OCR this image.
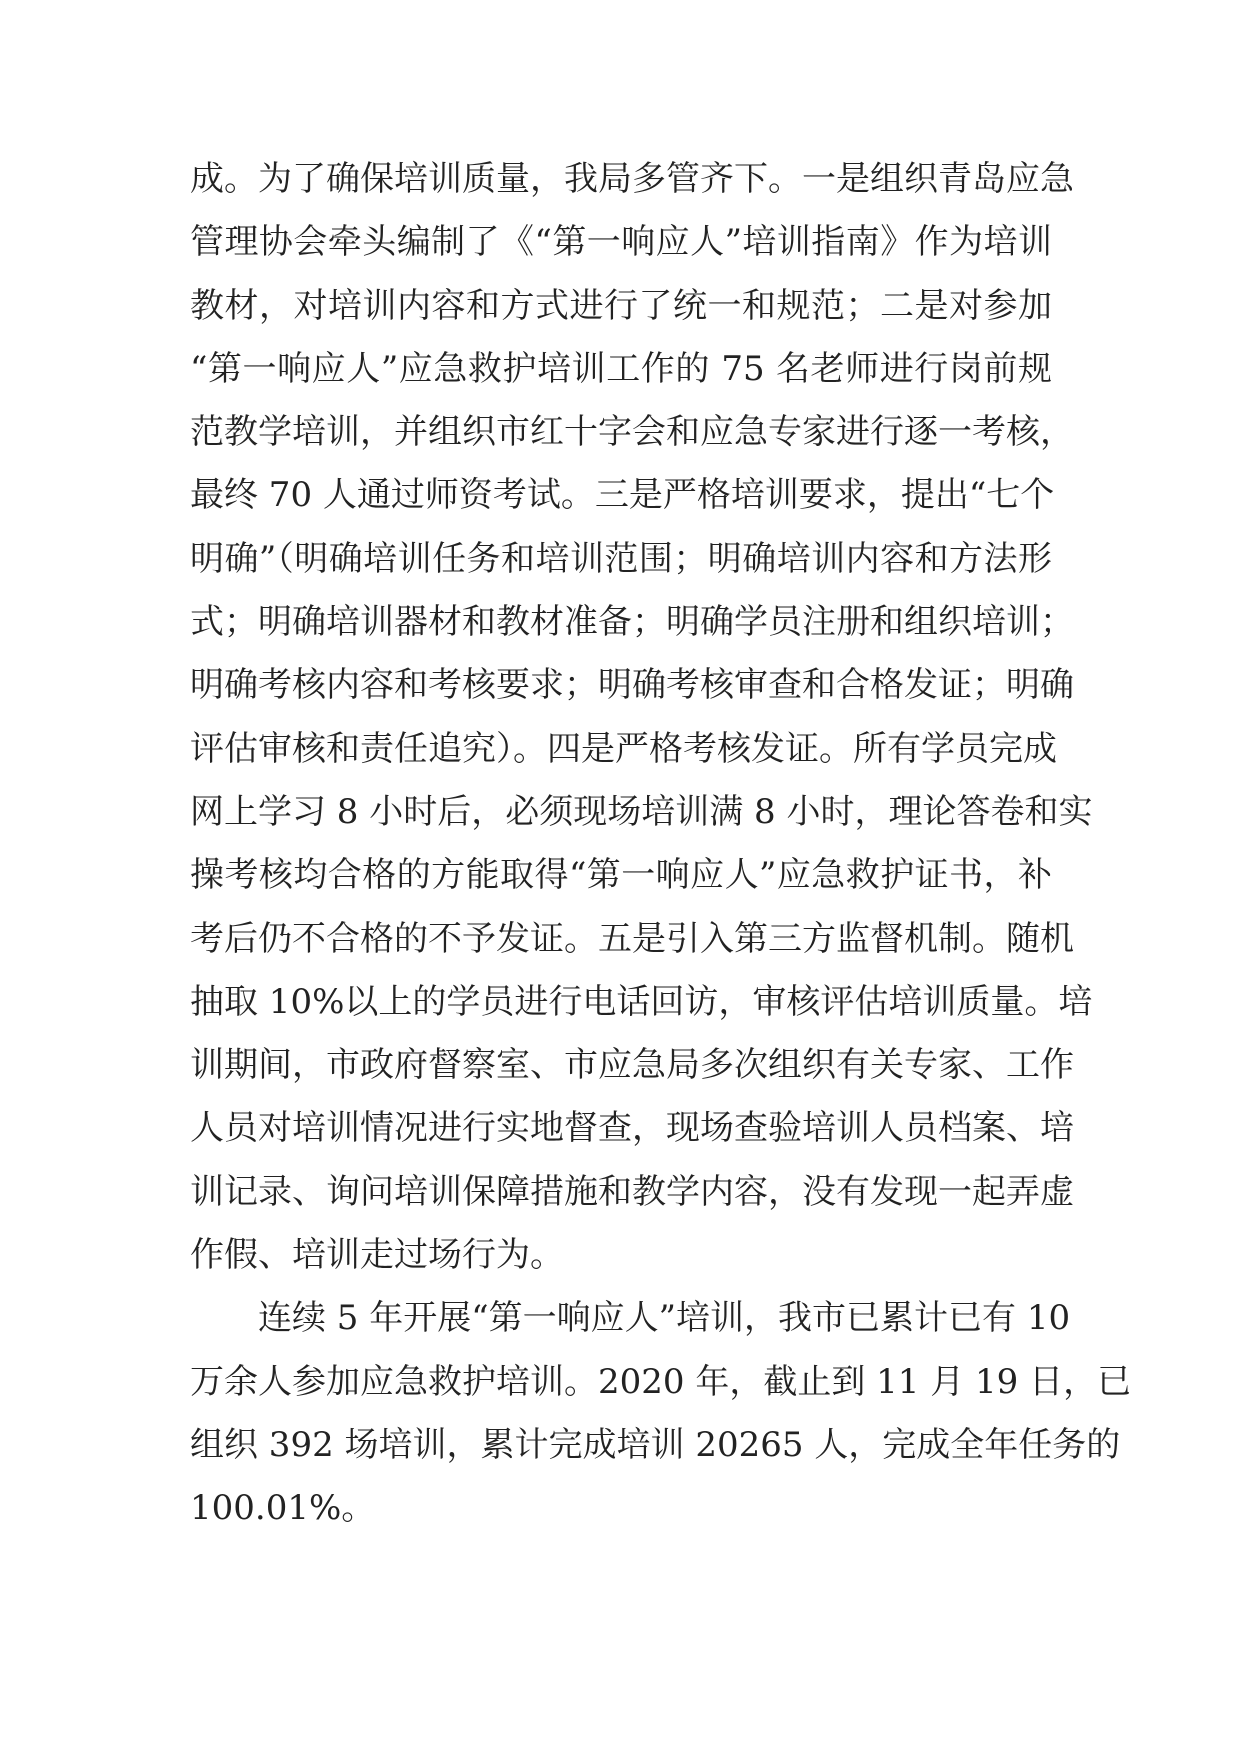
成。为了确保培训质量，我局多管齐下。一是组织青岛应急
管理协会牵头编制了《“第一响应人”培训指南》作为培训
教材，对培训内容和方式进行了统一和规范；二是对参加
“第一响应人”应急救护培训工作的 75 名老师进行岗前规
范教学培训，并组织市红十字会和应急专家进行逐一考核，
最终 70 人通过师资考试。三是严格培训要求，提出“七个
明确”（明确培训任务和培训范围；明确培训内容和方法形
式；明确培训器材和教材准备；明确学员注册和组织培训；
明确考核内容和考核要求；明确考核审查和合格发证；明确
评估审核和责任追究）。四是严格考核发证。所有学员完成
网上学习 8 小时后，必须现场培训满 8 小时，理论答卷和实
操考核均合格的方能取得“第一响应人”应急救护证书，补
考后仍不合格的不予发证。五是引入第三方监督机制。随机
抽取 10%以上的学员进行电话回访，审核评估培训质量。培
训期间，市政府督察室、市应急局多次组织有关专家、工作
人员对培训情况进行实地督查，现场查验培训人员档案、培
训记录、询问培训保障措施和教学内容，没有发现一起弄虚
作假、培训走过场行为。
连续 5 年开展“第一响应人”培训，我市已累计已有 10
万余人参加应急救护培训。2020 年，截止到 11 月 19 日，已
组织 392 场培训，累计完成培训 20265 人，完成全年任务的
100.01%。
